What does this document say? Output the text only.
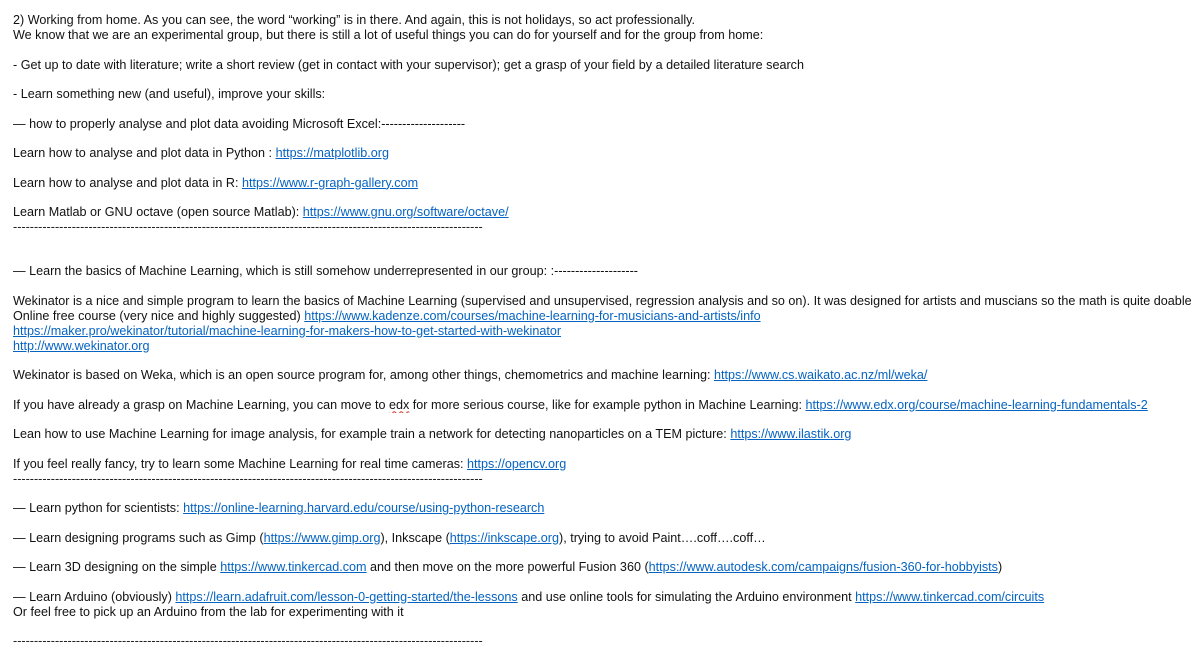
2) Working from home. As you can see, the word “working” is in there. And again, this is not holidays, so act professionally.
We know that we are an experimental group, but there is still a lot of useful things you can do for yourself and for the group from home:
- Get up to date with literature; write a short review (get in contact with your supervisor); get a grasp of your field by a detailed literature search
- Learn something new (and useful), improve your skills:
— how to properly analyse and plot data avoiding Microsoft Excel:--------------------
Learn how to analyse and plot data in Python : https://matplotlib.org
Learn how to analyse and plot data in R: https://www.r-graph-gallery.com
Learn Matlab or GNU octave (open source Matlab): https://www.gnu.org/software/octave/
----------------------------------------------------------------------------------------------------------------
— Learn the basics of Machine Learning, which is still somehow underrepresented in our group: :--------------------
Wekinator is a nice and simple program to learn the basics of Machine Learning (supervised and unsupervised, regression analysis and so on). It was designed for artists and muscians so the math is quite doable
Online free course (very nice and highly suggested) https://www.kadenze.com/courses/machine-learning-for-musicians-and-artists/info
https://maker.pro/wekinator/tutorial/machine-learning-for-makers-how-to-get-started-with-wekinator
http://www.wekinator.org
Wekinator is based on Weka, which is an open source program for, among other things, chemometrics and machine learning: https://www.cs.waikato.ac.nz/ml/weka/
If you have already a grasp on Machine Learning, you can move to edx for more serious course, like for example python in Machine Learning: https://www.edx.org/course/machine-learning-fundamentals-2
Lean how to use Machine Learning for image analysis, for example train a network for detecting nanoparticles on a TEM picture: https://www.ilastik.org
If you feel really fancy, try to learn some Machine Learning for real time cameras: https://opencv.org
----------------------------------------------------------------------------------------------------------------
— Learn python for scientists: https://online-learning.harvard.edu/course/using-python-research
— Learn designing programs such as Gimp (https://www.gimp.org), Inkscape (https://inkscape.org), trying to avoid Paint….coff….coff…
— Learn 3D designing on the simple https://www.tinkercad.com and then move on the more powerful Fusion 360 (https://www.autodesk.com/campaigns/fusion-360-for-hobbyists)
— Learn Arduino (obviously) https://learn.adafruit.com/lesson-0-getting-started/the-lessons and use online tools for simulating the Arduino environment https://www.tinkercad.com/circuits
Or feel free to pick up an Arduino from the lab for experimenting with it
----------------------------------------------------------------------------------------------------------------
